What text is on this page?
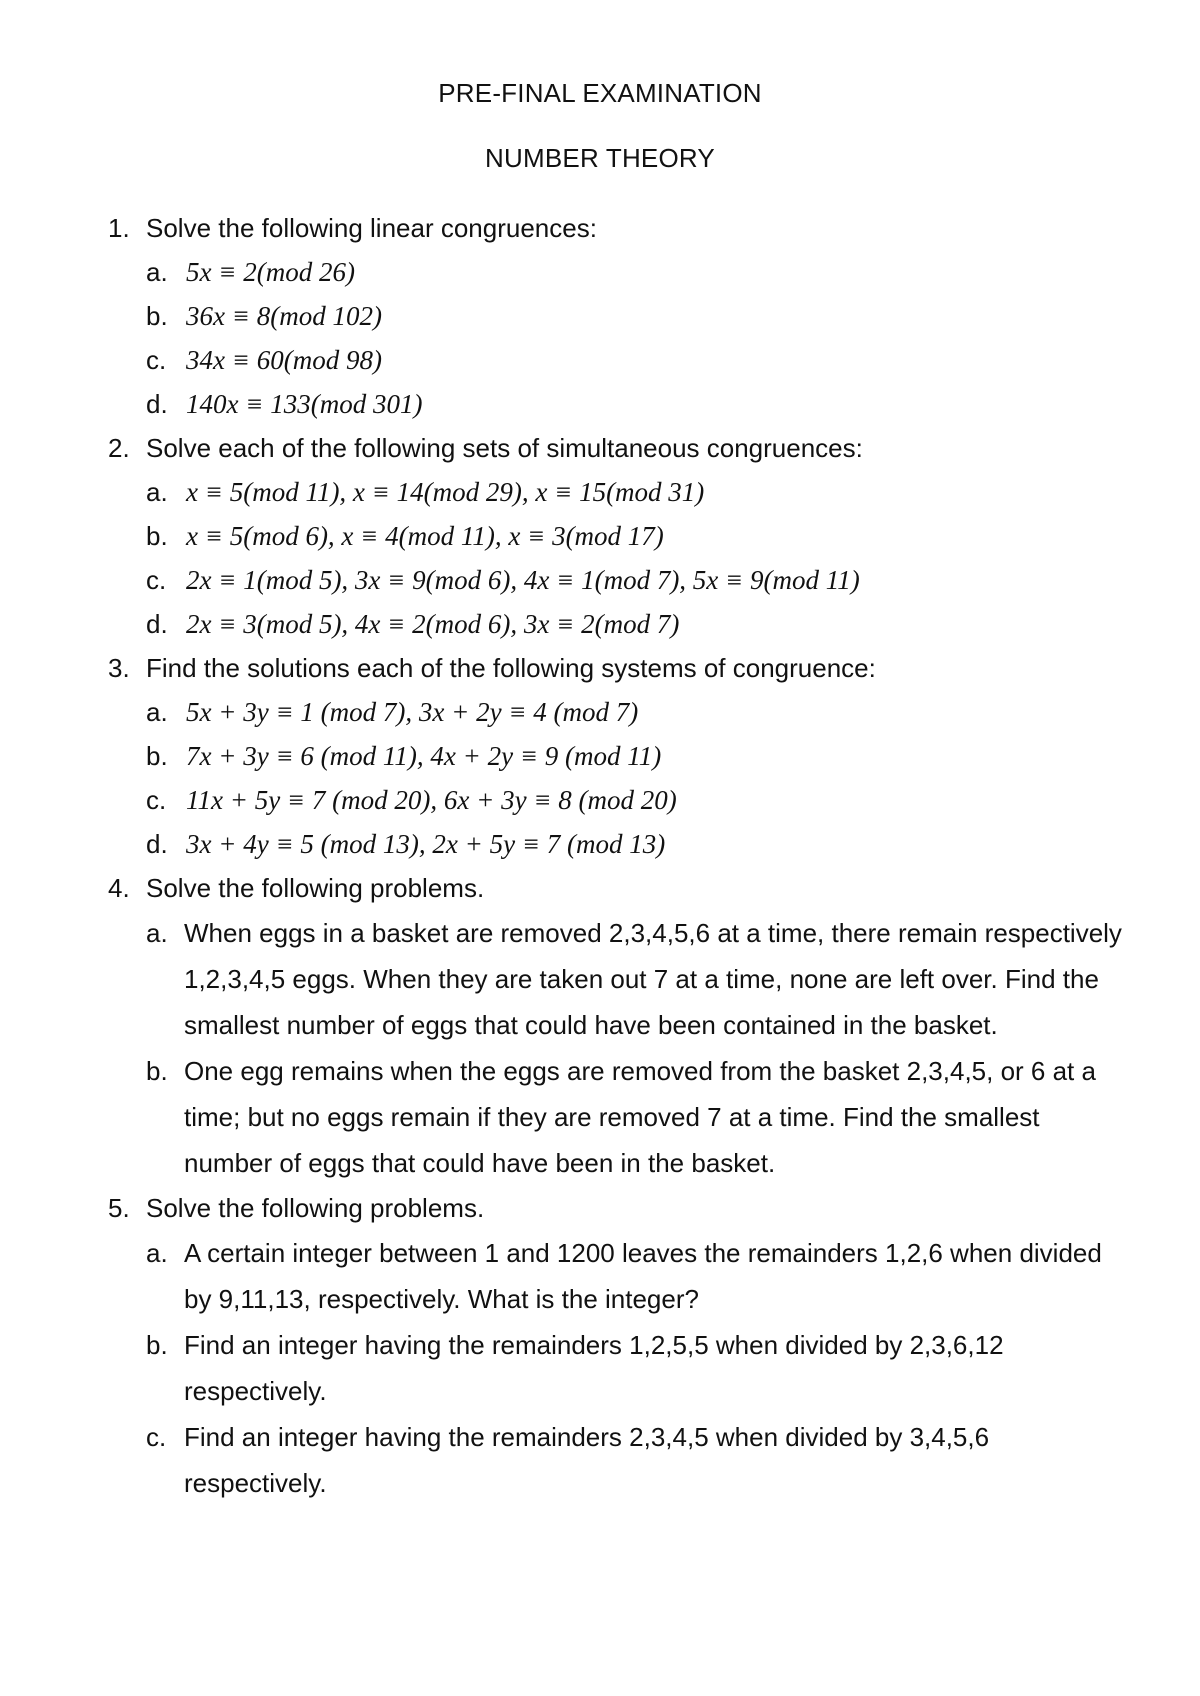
PRE-FINAL EXAMINATION
NUMBER THEORY
1. Solve the following linear congruences:
a. 5x ≡ 2(mod 26)
b. 36x ≡ 8(mod 102)
c. 34x ≡ 60(mod 98)
d. 140x ≡ 133(mod 301)
2. Solve each of the following sets of simultaneous congruences:
a. x ≡ 5(mod 11), x ≡ 14(mod 29), x ≡ 15(mod 31)
b. x ≡ 5(mod 6), x ≡ 4(mod 11), x ≡ 3(mod 17)
c. 2x ≡ 1(mod 5), 3x ≡ 9(mod 6), 4x ≡ 1(mod 7), 5x ≡ 9(mod 11)
d. 2x ≡ 3(mod 5), 4x ≡ 2(mod 6), 3x ≡ 2(mod 7)
3. Find the solutions each of the following systems of congruence:
a. 5x + 3y ≡ 1 (mod 7), 3x + 2y ≡ 4 (mod 7)
b. 7x + 3y ≡ 6 (mod 11), 4x + 2y ≡ 9 (mod 11)
c. 11x + 5y ≡ 7 (mod 20), 6x + 3y ≡ 8 (mod 20)
d. 3x + 4y ≡ 5 (mod 13), 2x + 5y ≡ 7 (mod 13)
4. Solve the following problems.
a. When eggs in a basket are removed 2,3,4,5,6 at a time, there remain respectively 1,2,3,4,5 eggs. When they are taken out 7 at a time, none are left over. Find the smallest number of eggs that could have been contained in the basket.
b. One egg remains when the eggs are removed from the basket 2,3,4,5, or 6 at a time; but no eggs remain if they are removed 7 at a time. Find the smallest number of eggs that could have been in the basket.
5. Solve the following problems.
a. A certain integer between 1 and 1200 leaves the remainders 1,2,6 when divided by 9,11,13, respectively. What is the integer?
b. Find an integer having the remainders 1,2,5,5 when divided by 2,3,6,12 respectively.
c. Find an integer having the remainders 2,3,4,5 when divided by 3,4,5,6 respectively.
